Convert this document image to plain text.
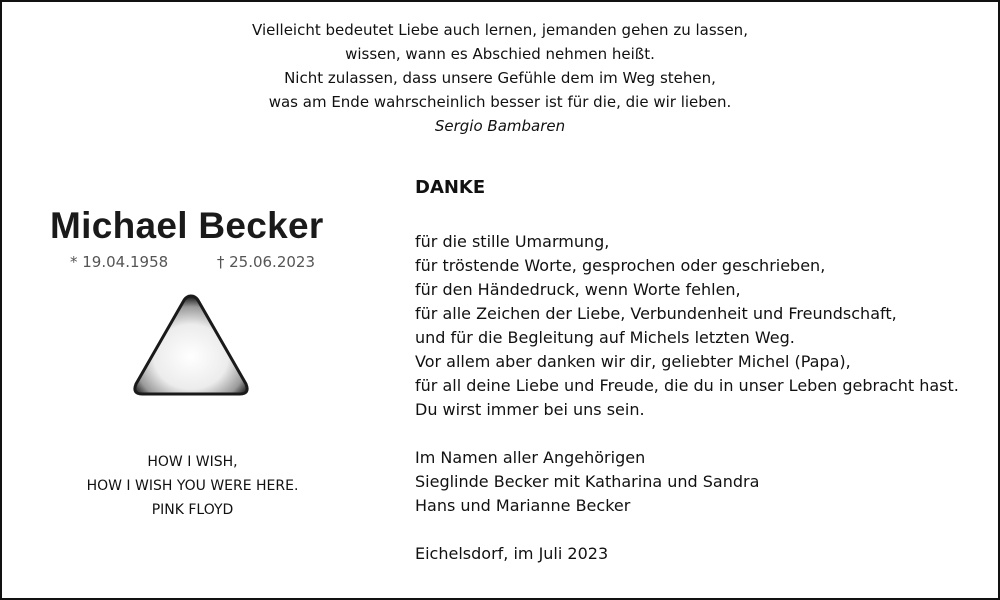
Vielleicht bedeutet Liebe auch lernen, jemanden gehen zu lassen,
wissen, wann es Abschied nehmen heißt.
Nicht zulassen, dass unsere Gefühle dem im Weg stehen,
was am Ende wahrscheinlich besser ist für die, die wir lieben.
Sergio Bambaren
Michael Becker
* 19.04.1958	† 25.06.2023
HOW I WISH,
HOW I WISH YOU WERE HERE.
PINK FLOYD
DANKE
für die stille Umarmung,
für tröstende Worte, gesprochen oder geschrieben,
für den Händedruck, wenn Worte fehlen,
für alle Zeichen der Liebe, Verbundenheit und Freundschaft,
und für die Begleitung auf Michels letzten Weg.
Vor allem aber danken wir dir, geliebter Michel (Papa),
für all deine Liebe und Freude, die du in unser Leben gebracht hast.
Du wirst immer bei uns sein.
Im Namen aller Angehörigen
Sieglinde Becker mit Katharina und Sandra
Hans und Marianne Becker
Eichelsdorf, im Juli 2023
